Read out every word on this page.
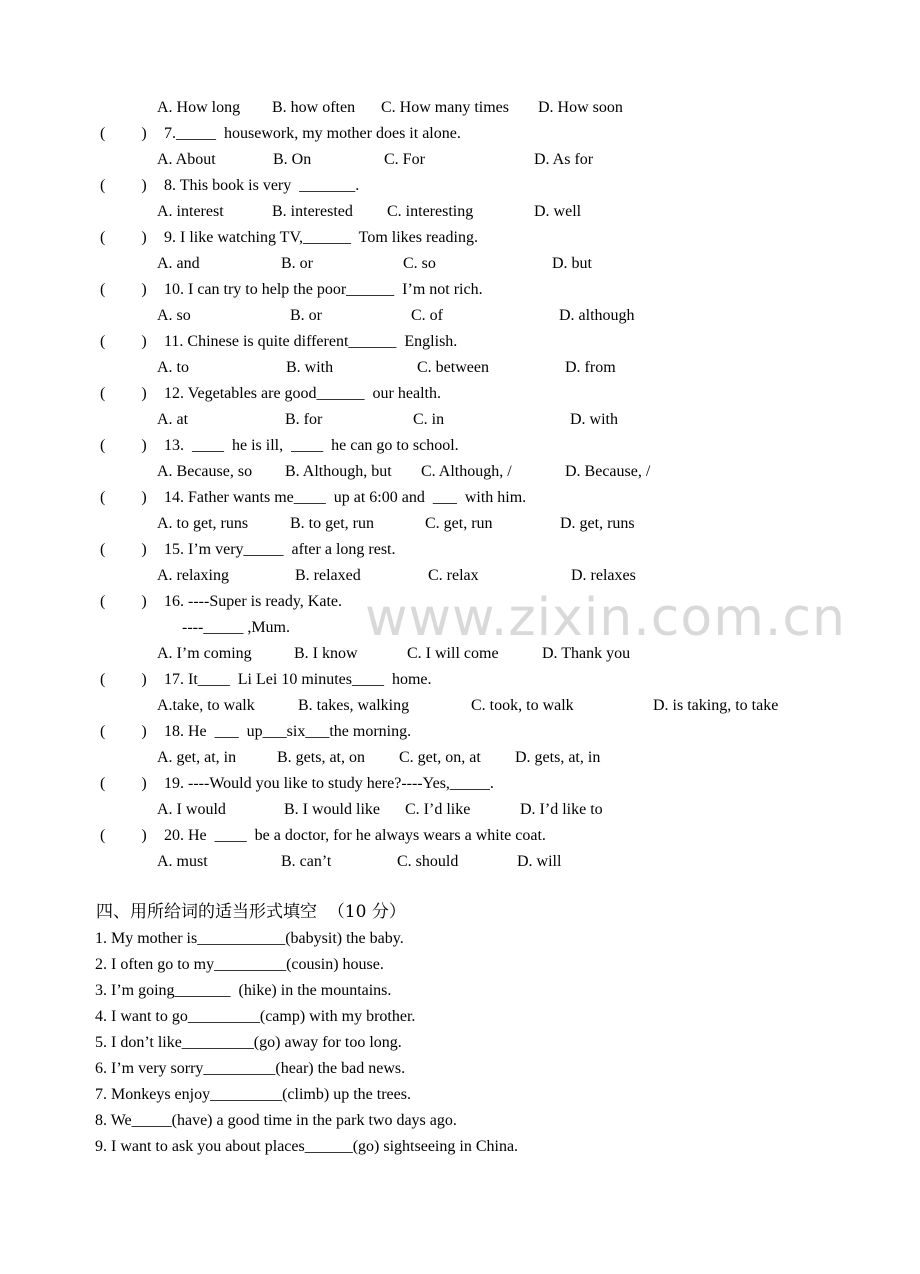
A. How long B. how often C. How many times D. How soon
(         ) 7._____  housework, my mother does it alone.
A. About	B. On	C. For	D. As for
(         ) 8. This book is very  _______.
A. interest	B. interested C. interesting	D. well
(         ) 9. I like watching TV,______  Tom likes reading.
A. and	B. or	C. so	D. but
(         ) 10. I can try to help the poor______  I’m not rich.
A. so	B. or	C. of	D. although
(         ) 11. Chinese is quite different______  English.
A. to	B. with	C. between	D. from
(         ) 12. Vegetables are good______  our health.
A. at	B. for	C. in	D. with
(         ) 13.  ____  he is ill,  ____  he can go to school.
A. Because, so B. Although, but C. Although, /	D. Because, /
(         ) 14. Father wants me____  up at 6:00 and  ___  with him.
A. to get, runs	B. to get, run	C. get, run	D. get, runs
(         ) 15. I’m very_____  after a long rest.
A. relaxing	B. relaxed	C. relax	D. relaxes
(         ) 16. ----Super is ready, Kate.
----_____ ,Mum.
A. I’m coming	B. I know	C. I will come	D. Thank you
(         ) 17. It____  Li Lei 10 minutes____  home.
A.take, to walk	B. takes, walking	C. took, to walk	D. is taking, to take
(         ) 18. He  ___  up___six___the morning.
A. get, at, in	B. gets, at, on C. get, on, at D. gets, at, in
(         ) 19. ----Would you like to study here?----Yes,_____.
A. I would	B. I would like C. I’d like	D. I’d like to
(         ) 20. He  ____  be a doctor, for he always wears a white coat.
A. must	B. can’t	C. should	D. will
四、用所给词的适当形式填空  （10 分）
1. My mother is___________(babysit) the baby.
2. I often go to my_________(cousin) house.
3. I’m going_______  (hike) in the mountains.
4. I want to go_________(camp) with my brother.
5. I don’t like_________(go) away for too long.
6. I’m very sorry_________(hear) the bad news.
7. Monkeys enjoy_________(climb) up the trees.
8. We_____(have) a good time in the park two days ago.
9. I want to ask you about places______(go) sightseeing in China.
www.zixin.com.cn
